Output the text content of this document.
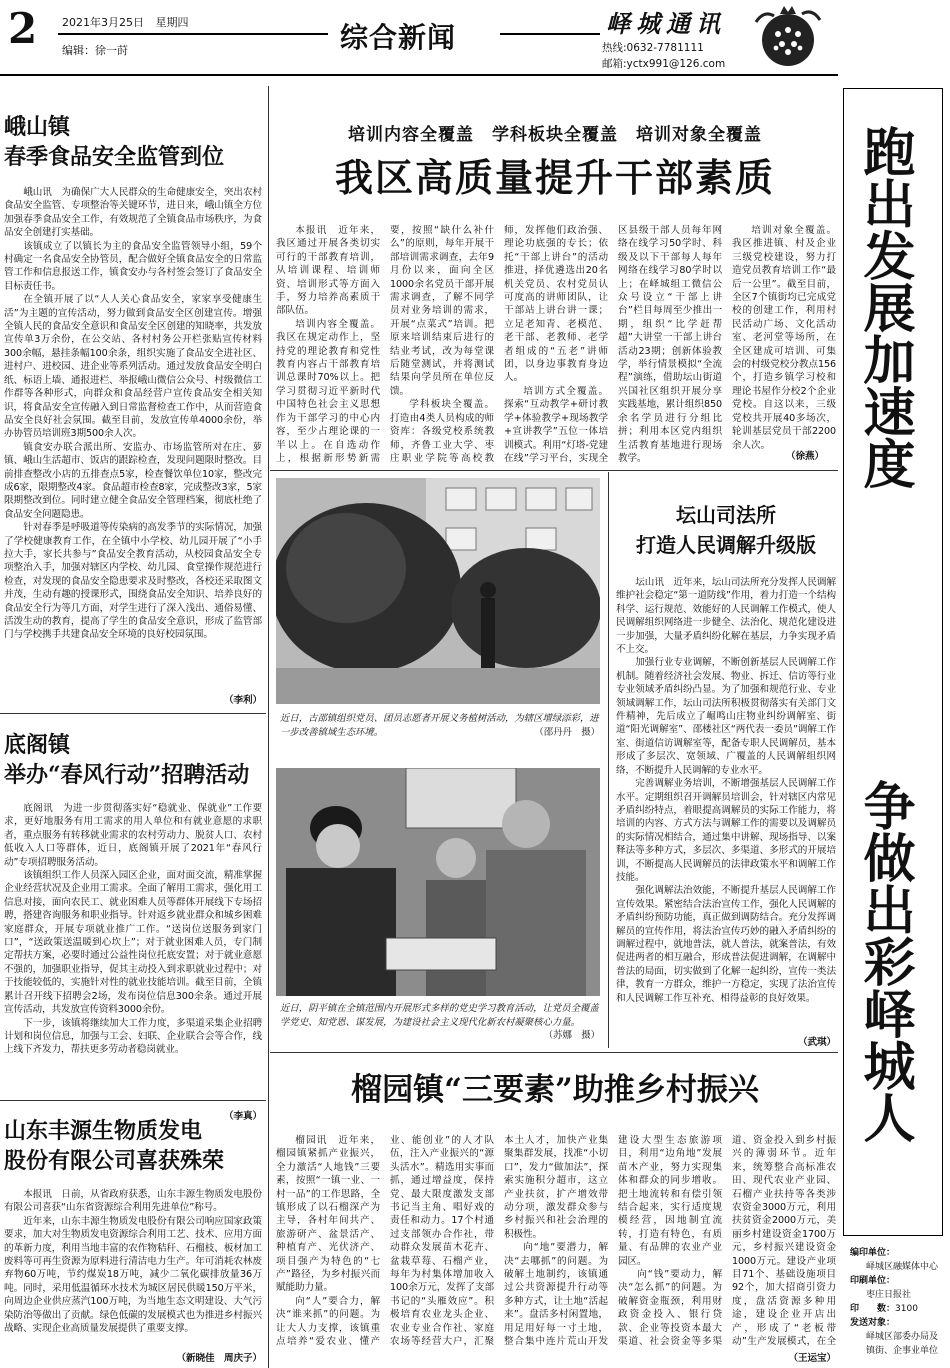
2 2021年3月25日 星期四
编辑：徐一莳	综合新闻	峄城通讯
热线:0632-7781111
邮箱:yctx991@126.com
跑出发展加速度
争做出彩峄城人
编印单位：
峄城区融媒体中心
印刷单位：
枣庄日报社
印　　数：3100
发送对象：
峄城区部委办局及镇街、企事业单位
峨山镇
春季食品安全监管到位

峨山讯　为确保广大人民群众的生命健康安全，突出农村食品安全监管、专项整治等关键环节，进日来，峨山镇全方位加强春季食品安全工作，有效规范了全镇食品市场秩序，为食品安全创建打实基础。

该镇成立了以镇长为主的食品安全监管领导小组，59个村确定一名食品安全协管员，配合做好全镇食品安全的日常监管工作和信息报送工作，镇食安办与各村签会签订了食品安全目标责任书。

在全镇开展了以“人人关心食品安全，家家享受健康生活”为主题的宣传活动，努力做到食品安全区创建宣传。增强全镇人民的食品安全意识和食品安全区创建的知晓率，共发放宣传单3万余份，在公交站、各村村务公开栏张贴宣传材料300余幅，悬挂条幅100余条，组织实施了食品安全进社区、进村户、进校园、进企业等系列活动。通过发放食品安全明白纸、标语上墙、通报进栏、举报峨山微信公众号、村级微信工作群等各种形式，向群众和食品经营户宣传食品安全相关知识，将食品安全宣传融入到日常监督检查工作中，从而营造食品安全良好社会氛围。截至目前，发放宣传单4000余份，举办协管员培训班3期500余人次。

镇食安办联合派出所、安监办、市场监管所对在庄、萝镇、峨山生活超市、饭店的跟踪检查，发现问题限时整改。目前排查整改小店的五排查点5家，检查餐饮单位10家，整改完成6家，限期整改4家。食品超市检查8家，完成整改3家，5家限期整改到位。同时建立健全食品安全管理档案，彻底杜绝了食品安全问题隐患。

针对春季是呼吸道等传染病的高发季节的实际情况，加强了学校健康教育工作，在全镇中小学校、幼儿园开展了“小手拉大手，家长共参与”食品安全教育活动，从校园食品安全专项整治入手，加强对辖区内学校、幼儿园、食堂操作规范进行检查，对发现的食品安全隐患要求及时整改，各校还采取图文并茂，生动有趣的授课形式，围绕食品安全知识、培养良好的食品安全行为等几方面，对学生进行了深入浅出、通俗易懂、活泼生动的教育，提高了学生的食品安全意识，形成了监管部门与学校携手共建食品安全环境的良好校园氛围。

（李利）
底阁镇
举办“春风行动”招聘活动

底阁讯　为进一步贯彻落实好“稳就业、保就业”工作要求，更好地服务有用工需求的用人单位和有就业意愿的求职者，重点服务有转移就业需求的农村劳动力、脱贫人口、农村低收入人口等群体，近日，底阁镇开展了2021年“春风行动”专项招聘服务活动。

该镇组织工作人员深入园区企业，面对面交流，精准掌握企业经营状况及企业用工需求。全面了解用工需求，强化用工信息对接，面向农民工、就业困难人员等群体开展线下专场招聘，搭建咨询服务和职业指导。针对返乡就业群众和城乡困难家庭群众，开展专项就业推广工作。“送岗位送服务到家门口”，“送政策送温暖到心坎上”；对于就业困难人员，专门制定帮扶方案，必要时通过公益性岗位托底安置；对于就业意愿不强的，加强职业指导，促其主动投入到求职就业过程中；对于技能较低的，实施针对性的就业技能培训。截至目前，全镇累计召开线下招聘会2场，发布岗位信息300余条。通过开展宣传活动，共发放宣传资料3000余份。

下一步，该镇将继续加大工作力度，多渠道采集企业招聘计划和岗位信息，加强与工会、妇联、企业联合会等合作，线上线下齐发力，帮扶更多劳动者稳岗就业。

（李真）
山东丰源生物质发电
股份有限公司喜获殊荣

本报讯　日前，从省政府获悉，山东丰源生物质发电股份有限公司喜获“山东省资源综合利用先进单位”称号。

近年来，山东丰源生物质发电股份有限公司响应国家政策要求，加大对生物质发电资源综合利用工艺、技术、应用方面的革新力度，利用当地丰富的农作物秸秆、石榴枝、板材加工废料等可再生资源为原料进行清洁电力生产。年可消耗农林废弃物60万吨，节约煤炭18万吨，减少二氧化碳排放量36万吨。同时，采用低温循环水技术为城区居民供暖150万平米，向周边企业供应蒸汽100万吨，为当地生态文明建设、大气污染防治等做出了贡献。绿色低碳的发展模式也为推进乡村振兴战略、实现企业高质量发展提供了重要支撑。

（新晓佳　周庆子）
培训内容全覆盖　学科板块全覆盖　培训对象全覆盖
我区高质量提升干部素质

本报讯　近年来，我区通过开展各类切实可行的干部教育培训，从培训课程、培训师资、培训形式等方面入手，努力培养高素质干部队伍。

培训内容全覆盖。我区在规定动作上，坚持党的理论教育和党性教育内容占干部教育培训总课时70%以上。把学习贯彻习近平新时代中国特色社会主义思想作为干部学习的中心内容，至少占理论课的一半以上。在自选动作上，根据新形势新需要，按照“缺什么补什么”的原则，每年开展干部培训需求调查，去年9月份以来，面向全区1000余名党员干部开展需求调查，了解不同学员对业务培训的需求，开展“点菜式”培训。把原来培训结束后进行的结业考试，改为每堂课后随堂测试，并将测试结果向学员所在单位反馈。

学科板块全覆盖。打造由4类人员构成的师资库：各级党校系统教师，齐鲁工业大学、枣庄职业学院等高校教师，发挥他们政治强、理论功底强的专长；依托“干部上讲台”的活动推进，择优遴选出20名机关党员、农村党员认可度高的讲师团队，让干部站上讲台讲一课；立足老知青、老模范、老干部、老教师、老学者组成的“五老”讲师团，以身边事教育身边人。

培训方式全覆盖。探索“互动教学+研讨教学+体验教学+现场教学+宣讲教学”五位一体培训模式。利用“灯塔-党建在线”学习平台，实现全区县级干部人员每年网络在线学习50学时、科级及以下干部每人每年网络在线学习80学时以上；在峄城组工微信公众号设立“干部上讲台”栏目每周至少推出一期，组织“比学赶帮超”大讲堂一干部上讲台活动23期；创新体验教学，举行情景模拟“全流程”演练，借助坛山街道兴国社区组织开展分享实践基地，累计组织850余名学员进行分组比拼；利用本区党内组织生活教育基地进行现场教学。

培训对象全覆盖。我区推进镇、村及企业三级党校建设，努力打造党员教育培训工作“最后一公里”。截至目前，全区7个镇街均已完成党校的创建工作，利用村民活动广场、文化活动室、老河堂等场所，在全区建成可培训、可集会的村级党校分教点156个，打造乡镇学习校和理论书屋作分校2个企业党校。自这以来，三级党校共开展40多场次，轮训基层党员干部2200余人次。

（徐燕）
近日，古邵镇组织党员、团员志愿者开展义务植树活动，为辖区增绿添彩，进一步改善镇域生态环境。	（邵丹丹　摄）
近日，阴平镇在全镇范围内开展形式多样的党史学习教育活动，让党员全覆盖学党史、知党恩、谋发展，为建设社会主义现代化新农村凝聚核心力量。
（苏娜　摄）
坛山司法所
打造人民调解升级版

坛山讯　近年来，坛山司法所充分发挥人民调解维护社会稳定“第一道防线”作用，着力打造一个结构科学、运行规范、效能好的人民调解工作模式，使人民调解组织网络进一步健全、法治化、规范化建设进一步加强，大量矛盾纠纷化解在基层，力争实现矛盾不上交。

加强行业专业调解，不断创新基层人民调解工作机制。随着经济社会发展、物业、拆迁、信访等行业专业领域矛盾纠纷凸显。为了加强和规范行业、专业领域调解工作，坛山司法所积极贯彻落实有关部门文件精神，先后成立了崛鸣山庄物业纠纷调解室、街道“阳光调解室”、邵楼社区“两代表一委员”调解工作室、街道信访调解室等，配备专职人民调解员，基本形成了多层次、宽领域、广覆盖的人民调解组织网络，不断提升人民调解的专业水平。

完善调解业务培训，不断增强基层人民调解工作水平。定期组织召开调解员培训会，针对辖区内常见矛盾纠纷特点，着眼提高调解员的实际工作能力，将培训的内容、方式方法与调解工作的需要以及调解员的实际情况相结合，通过集中讲解、现场指导、以案释法等多种方式，多层次、多渠道、多形式的开展培训，不断提高人民调解员的法律政策水平和调解工作技能。

强化调解法治效能，不断提升基层人民调解工作宣传效果。紧密结合法治宣传工作，强化人民调解的矛盾纠纷预防功能，真正做到调防结合。充分发挥调解员的宣传作用，将法治宣传巧妙的融入矛盾纠纷的调解过程中，就地普法，就人普法，就案普法，有效促进两者的相互融合，形成普法促进调解，在调解中普法的局面，切实做到了化解一起纠纷，宣传一类法律，教育一方群众，维护一方稳定，实现了法治宣传和人民调解工作互补充、相得益彰的良好效果。

（武琪）
榴园镇“三要素”助推乡村振兴

榴园讯　近年来，榴园镇紧抓产业振兴，全力激活“人地钱”三要素，按照“一镇一业、一村一品”的工作思路，全镇形成了以石榴深产为主导，各村年间共产、旅游研产、盆景活产、种植育产、光伏济产、项目强产为特色的“七产”路径，为乡村振兴而赋能助力量。

向“人”要合力，解决“谁来抓”的问题。为让大人力支撑，该镇重点培养“爱农业、懂产业、能创业”的人才队伍，注入产业振兴的“源头活水”。精选用实事而抓，通过增益度，保持党、最大限度激发支部书记当主角、唱好戏的责任和动力。17个村通过支部领办合作社，带动群众发展苗木花卉、盆栽草莓、石榴产业，每年为村集体增加收入100余万元，发挥了支部书记的“头雁效应”。积极培育农业龙头企业、农业专业合作社、家庭农场等经营大户，汇聚本土人才，加快产业集聚集群发展，找准“小切口”，发力“做加法”，探索实施积分超市，这立产业扶贫，扩产增效带动分项，激发群众参与乡村振兴和社会治理的积极性。

向“地”要潜力，解决“去哪抓”的问题。为破解土地制约，该镇通过公共资源提升行动等多种方式，让土地“活起来”。盘活多村闲置地，用足用好每一寸土地，整合集中连片荒山开发建设大型生态旅游项目，利用“边角地”发展苗木产业，努力实现集体和群众的同步增收。把土地流转和有偿引领结合起来，实行适度规模经营，因地制宜流转，打造有特色，有质量、有品牌的农业产业园区。

向“钱”要动力，解决“怎么抓”的问题。为破解资金瓶颈，利用财政资金投入、银行贷款、企业等投资本最大渠道、社会资金等多渠道、资金投入到乡村振兴的薄弱环节。近年来，统筹整合高标准农田、现代农业产业园、石榴产业扶持等各类涉农资金3000万元，利用扶贫资金2000万元，美丽乡村建设资金1700万元，乡村振兴建设资金1000万元。建设产业项目71个、基础设施项目92个，加大招商引资力度，盘活资源多种用途，建设企业开店出产，形成了“老板带动”生产发展模式，在全

（王运宝）
